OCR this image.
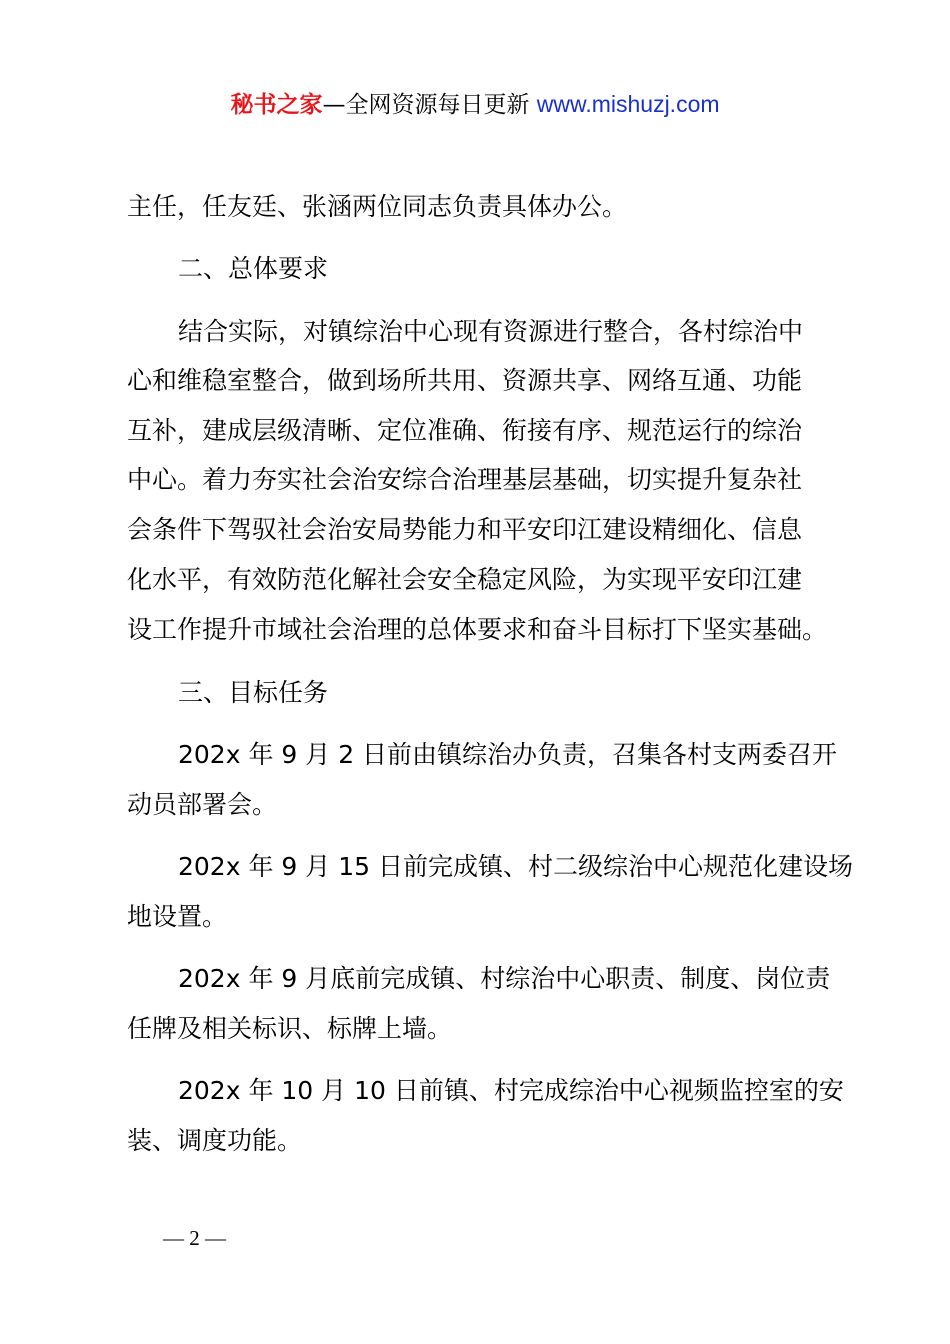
秘书之家—全网资源每日更新 www.mishuzj.com
主任，任友廷、张涵两位同志负责具体办公。
二、总体要求
结合实际，对镇综治中心现有资源进行整合，各村综治中
心和维稳室整合，做到场所共用、资源共享、网络互通、功能
互补，建成层级清晰、定位准确、衔接有序、规范运行的综治
中心。着力夯实社会治安综合治理基层基础，切实提升复杂社
会条件下驾驭社会治安局势能力和平安印江建设精细化、信息
化水平，有效防范化解社会安全稳定风险，为实现平安印江建
设工作提升市域社会治理的总体要求和奋斗目标打下坚实基础。
三、目标任务
202x 年 9 月 2 日前由镇综治办负责，召集各村支两委召开
动员部署会。
202x 年 9 月 15 日前完成镇、村二级综治中心规范化建设场
地设置。
202x 年 9 月底前完成镇、村综治中心职责、制度、岗位责
任牌及相关标识、标牌上墙。
202x 年 10 月 10 日前镇、村完成综治中心视频监控室的安
装、调度功能。
— 2 —
